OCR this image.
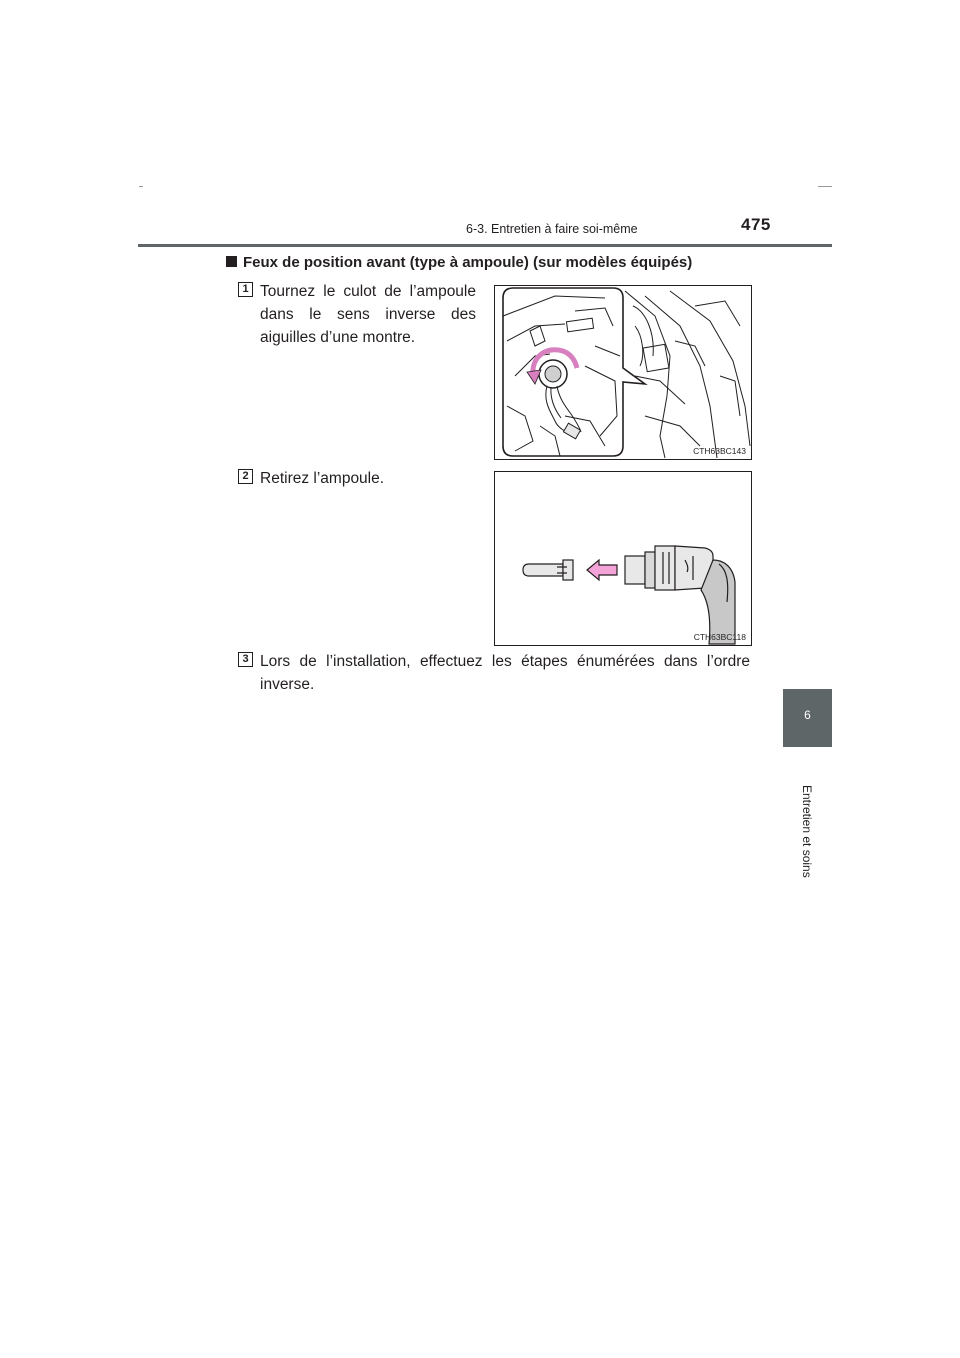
6-3. Entretien à faire soi-même	475
6
Entretien et soins
Feux de position avant (type à ampoule) (sur modèles équipés)
1 Tournez le culot de l’ampoule dans le sens inverse des aiguilles d’une montre.
CTH63BC143
2 Retirez l’ampoule.
CTH63BC118
3 Lors de l’installation, effectuez les étapes énumérées dans l’ordre inverse.
